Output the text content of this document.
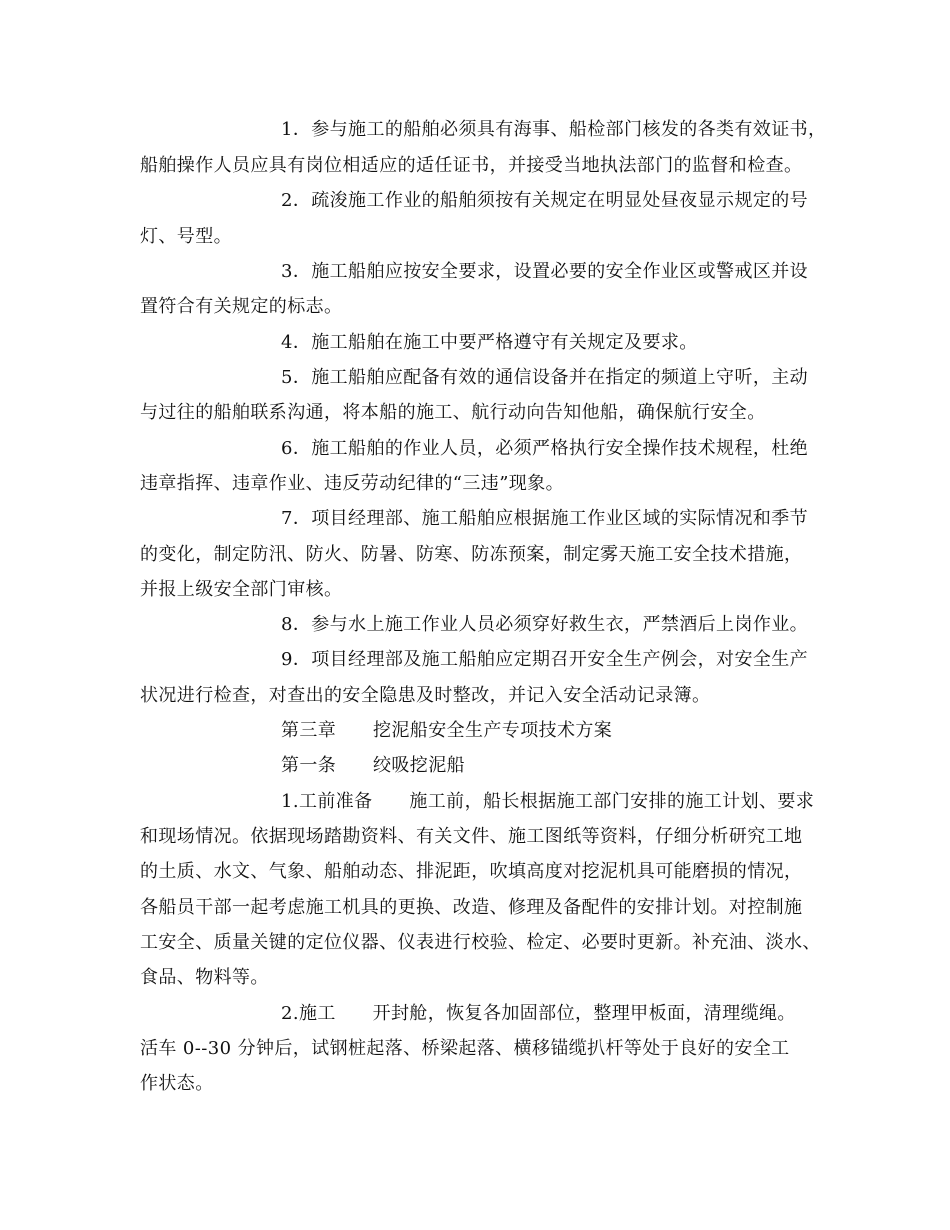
1．参与施工的船舶必须具有海事、船检部门核发的各类有效证书，
船舶操作人员应具有岗位相适应的适任证书，并接受当地执法部门的监督和检查。
2．疏浚施工作业的船舶须按有关规定在明显处昼夜显示规定的号
灯、号型。
3．施工船舶应按安全要求，设置必要的安全作业区或警戒区并设
置符合有关规定的标志。
4．施工船舶在施工中要严格遵守有关规定及要求。
5．施工船舶应配备有效的通信设备并在指定的频道上守听，主动
与过往的船舶联系沟通，将本船的施工、航行动向告知他船，确保航行安全。
6．施工船舶的作业人员，必须严格执行安全操作技术规程，杜绝
违章指挥、违章作业、违反劳动纪律的“三违”现象。
7．项目经理部、施工船舶应根据施工作业区域的实际情况和季节
的变化，制定防汛、防火、防暑、防寒、防冻预案，制定雾天施工安全技术措施，
并报上级安全部门审核。
8．参与水上施工作业人员必须穿好救生衣，严禁酒后上岗作业。
9．项目经理部及施工船舶应定期召开安全生产例会，对安全生产
状况进行检查，对查出的安全隐患及时整改，并记入安全活动记录簿。
第三章　　挖泥船安全生产专项技术方案
第一条　　绞吸挖泥船
1.工前准备　　施工前，船长根据施工部门安排的施工计划、要求
和现场情况。依据现场踏勘资料、有关文件、施工图纸等资料，仔细分析研究工地
的土质、水文、气象、船舶动态、排泥距，吹填高度对挖泥机具可能磨损的情况，
各船员干部一起考虑施工机具的更换、改造、修理及备配件的安排计划。对控制施
工安全、质量关键的定位仪器、仪表进行校验、检定、必要时更新。补充油、淡水、
食品、物料等。
2.施工　　开封舱，恢复各加固部位，整理甲板面，清理缆绳。
活车 0--30 分钟后，试钢桩起落、桥梁起落、横移锚缆扒杆等处于良好的安全工
作状态。
